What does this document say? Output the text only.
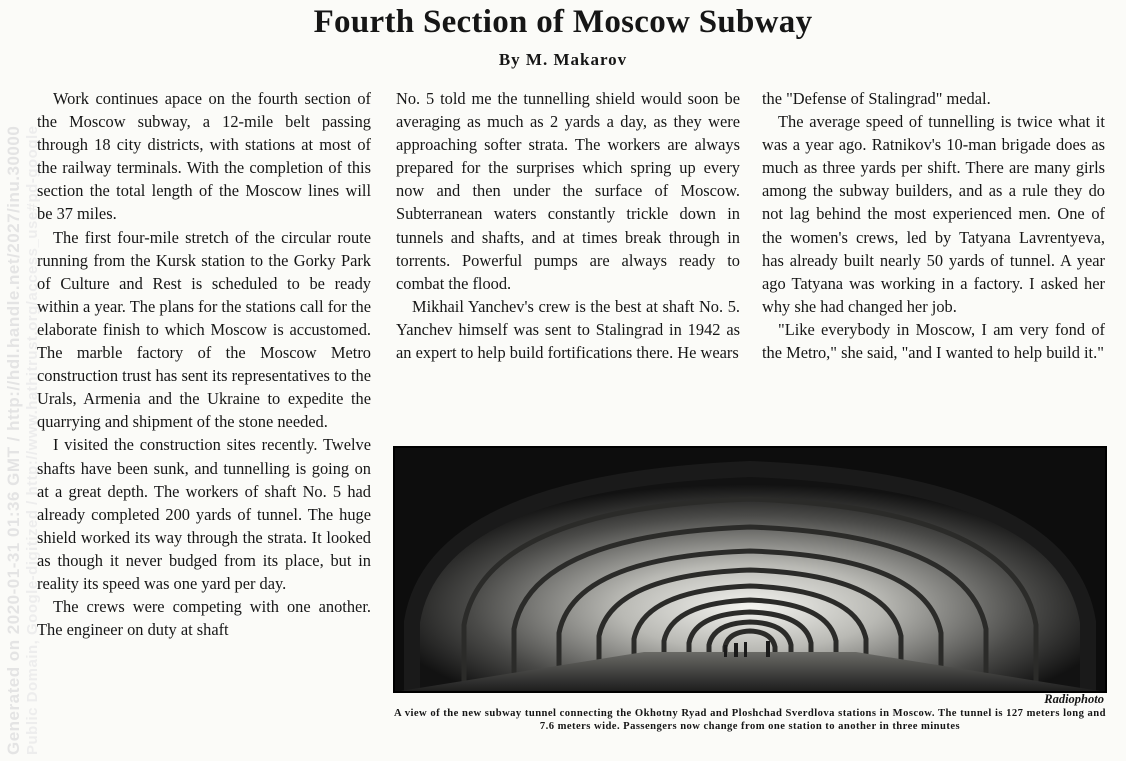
Generated on 2020-01-31 01:36 GMT / http://hdl.handle.net/2027/inu.30000 Public Domain, Google-digitized / http://www.hathitrust.org/access_use#pd-google
Fourth Section of Moscow Subway
By M. Makarov

Work continues apace on the fourth section of the Moscow subway, a 12-mile belt passing through 18 city districts, with stations at most of the railway terminals. With the completion of this section the total length of the Moscow lines will be 37 miles.

The first four-mile stretch of the circular route running from the Kursk station to the Gorky Park of Culture and Rest is scheduled to be ready within a year. The plans for the stations call for the elaborate finish to which Moscow is accustomed. The marble factory of the Moscow Metro construction trust has sent its representatives to the Urals, Armenia and the Ukraine to expedite the quarrying and shipment of the stone needed.

I visited the construction sites recently. Twelve shafts have been sunk, and tunnelling is going on at a great depth. The workers of shaft No. 5 had already completed 200 yards of tunnel. The huge shield worked its way through the strata. It looked as though it never budged from its place, but in reality its speed was one yard per day.

The crews were competing with one another. The engineer on duty at shaft

No. 5 told me the tunnelling shield would soon be averaging as much as 2 yards a day, as they were approaching softer strata. The workers are always prepared for the surprises which spring up every now and then under the surface of Moscow. Subterranean waters constantly trickle down in tunnels and shafts, and at times break through in torrents. Powerful pumps are always ready to combat the flood.

Mikhail Yanchev's crew is the best at shaft No. 5. Yanchev himself was sent to Stalingrad in 1942 as an expert to help build fortifications there. He wears

the "Defense of Stalingrad" medal.

The average speed of tunnelling is twice what it was a year ago. Ratnikov's 10-man brigade does as much as three yards per shift. There are many girls among the subway builders, and as a rule they do not lag behind the most experienced men. One of the women's crews, led by Tatyana Lavrentyeva, has already built nearly 50 yards of tunnel. A year ago Tatyana was working in a factory. I asked her why she had changed her job.

"Like everybody in Moscow, I am very fond of the Metro," she said, "and I wanted to help build it."

Radiophoto
A view of the new subway tunnel connecting the Okhotny Ryad and Ploshchad Sverdlova stations in Moscow. The tunnel is 127 meters long and 7.6 meters wide. Passengers now change from one station to another in three minutes
